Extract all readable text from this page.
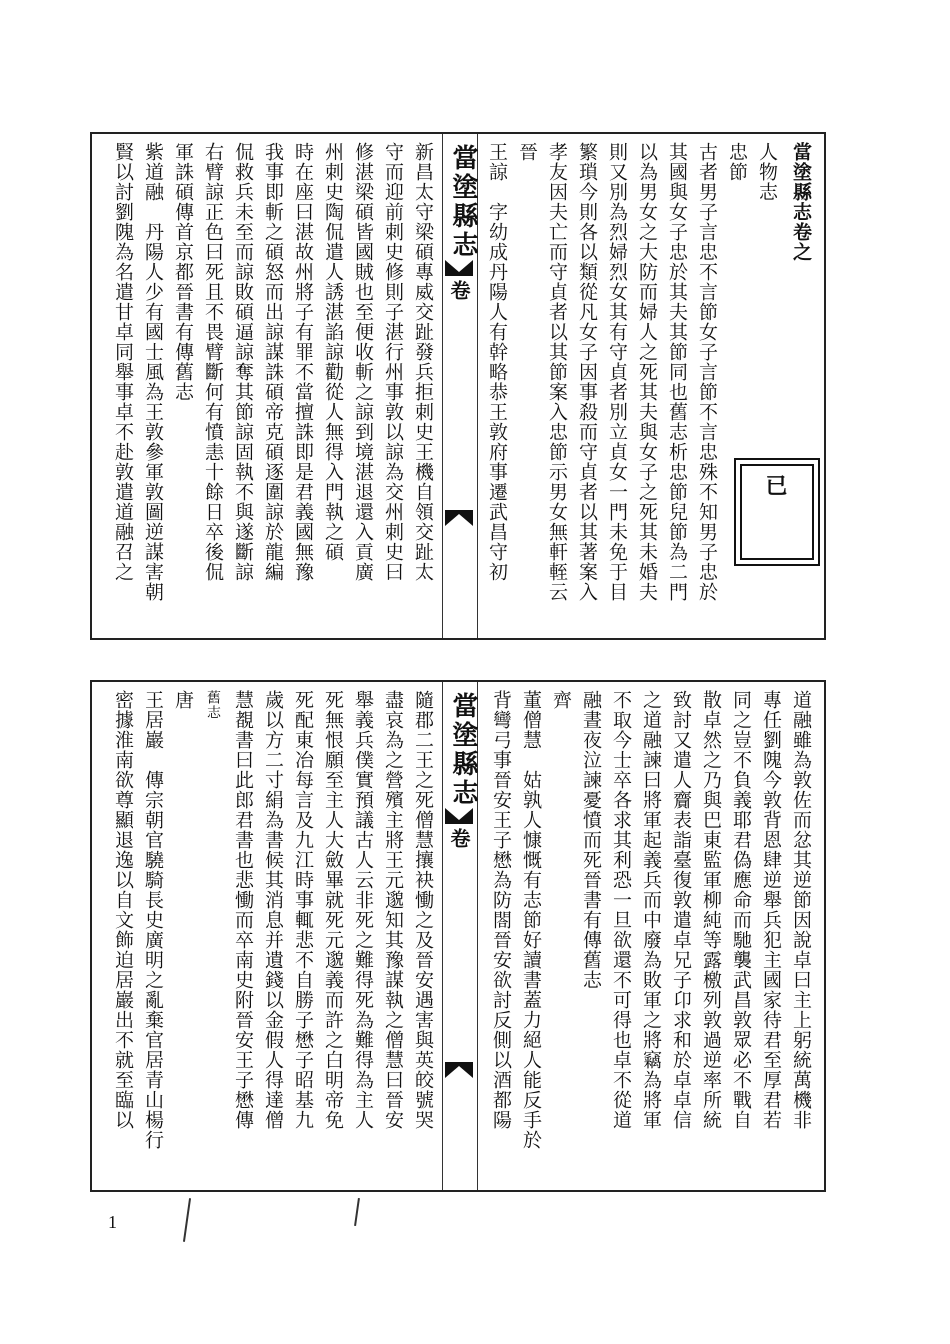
當塗縣志
卷
已
當塗縣志卷之
人物志
忠節
古者男子言忠不言節女子言節不言忠殊不知男子忠於
其國與女子忠於其夫其節同也舊志析忠節兒節為二門
以為男女之大防而婦人之死其夫與女子之死其未婚夫
則又別為烈婦烈女其有守貞者別立貞女一門未免于目
繁瑣今則各以類從凡女子因事殺而守貞者以其著案入
孝友因夫亡而守貞者以其節案入忠節示男女無軒輊云
晉
王諒　字幼成丹陽人有幹略恭王敦府事遷武昌守初
新昌太守梁碩專威交趾發兵拒刺史王機自領交趾太
守而迎前刺史修則子湛行州事敦以諒為交州刺史曰
修湛梁碩皆國賊也至便收斬之諒到境湛退還入貢廣
州刺史陶侃遣人誘湛諂諒勸從人無得入門執之碩
時在座曰湛故州將子有罪不當擅誅即是君義國無豫
我事即斬之碩怒而出諒謀誅碩帝克碩逐圍諒於龍編
侃救兵未至而諒敗碩逼諒奪其節諒固執不與遂斷諒
右臂諒正色曰死且不畏臂斷何有憤恚十餘日卒後侃
軍誅碩傳首京都晉書有傳舊志
紫道融　丹陽人少有國士風為王敦參軍敦圖逆謀害朝
賢以討劉隗為名遣甘卓同舉事卓不赴敦遣道融召之
當塗縣志
卷	道融雖為敦佐而忿其逆節因說卓曰主上躬統萬機非
專任劉隗今敦背恩肆逆舉兵犯主國家待君至厚君若
同之豈不負義耶君偽應命而馳襲武昌敦眾必不戰自
散卓然之乃與巴東監軍柳純等露檄列敦過逆率所統
致討又遣人齎表詣臺復敦遣卓兄子卬求和於卓卓信
之道融諫曰將軍起義兵而中廢為敗軍之將竊為將軍
不取今士卒各求其利恐一旦欲還不可得也卓不從道
融晝夜泣諫憂憤而死晉書有傳舊志
齊
董僧慧　姑孰人慷慨有志節好讀書蓋力絕人能反手於
背彎弓事晉安王子懋為防閤晉安欲討反側以酒都陽
隨郡二王之死僧慧攘袂慟之及晉安遇害與英皎號哭
盡哀為之營殯主將王元邈知其豫謀執之僧慧曰晉安
舉義兵僕實預議古人云非死之難得死為難得為主人
死無恨願至主人大斂畢就死元邈義而許之白明帝免
死配東冶每言及九江時事輒悲不自勝子懋子昭基九
歲以方二寸絹為書候其消息并遺錢以金假人得達僧
慧覩書曰此郎君書也悲慟而卒南史附晉安王子懋傳
舊志
唐
王居巖　傳宗朝官驍騎長史廣明之亂棄官居青山楊行
密據淮南欲尊顯退逸以自文飾迫居巖出不就至臨以
1
